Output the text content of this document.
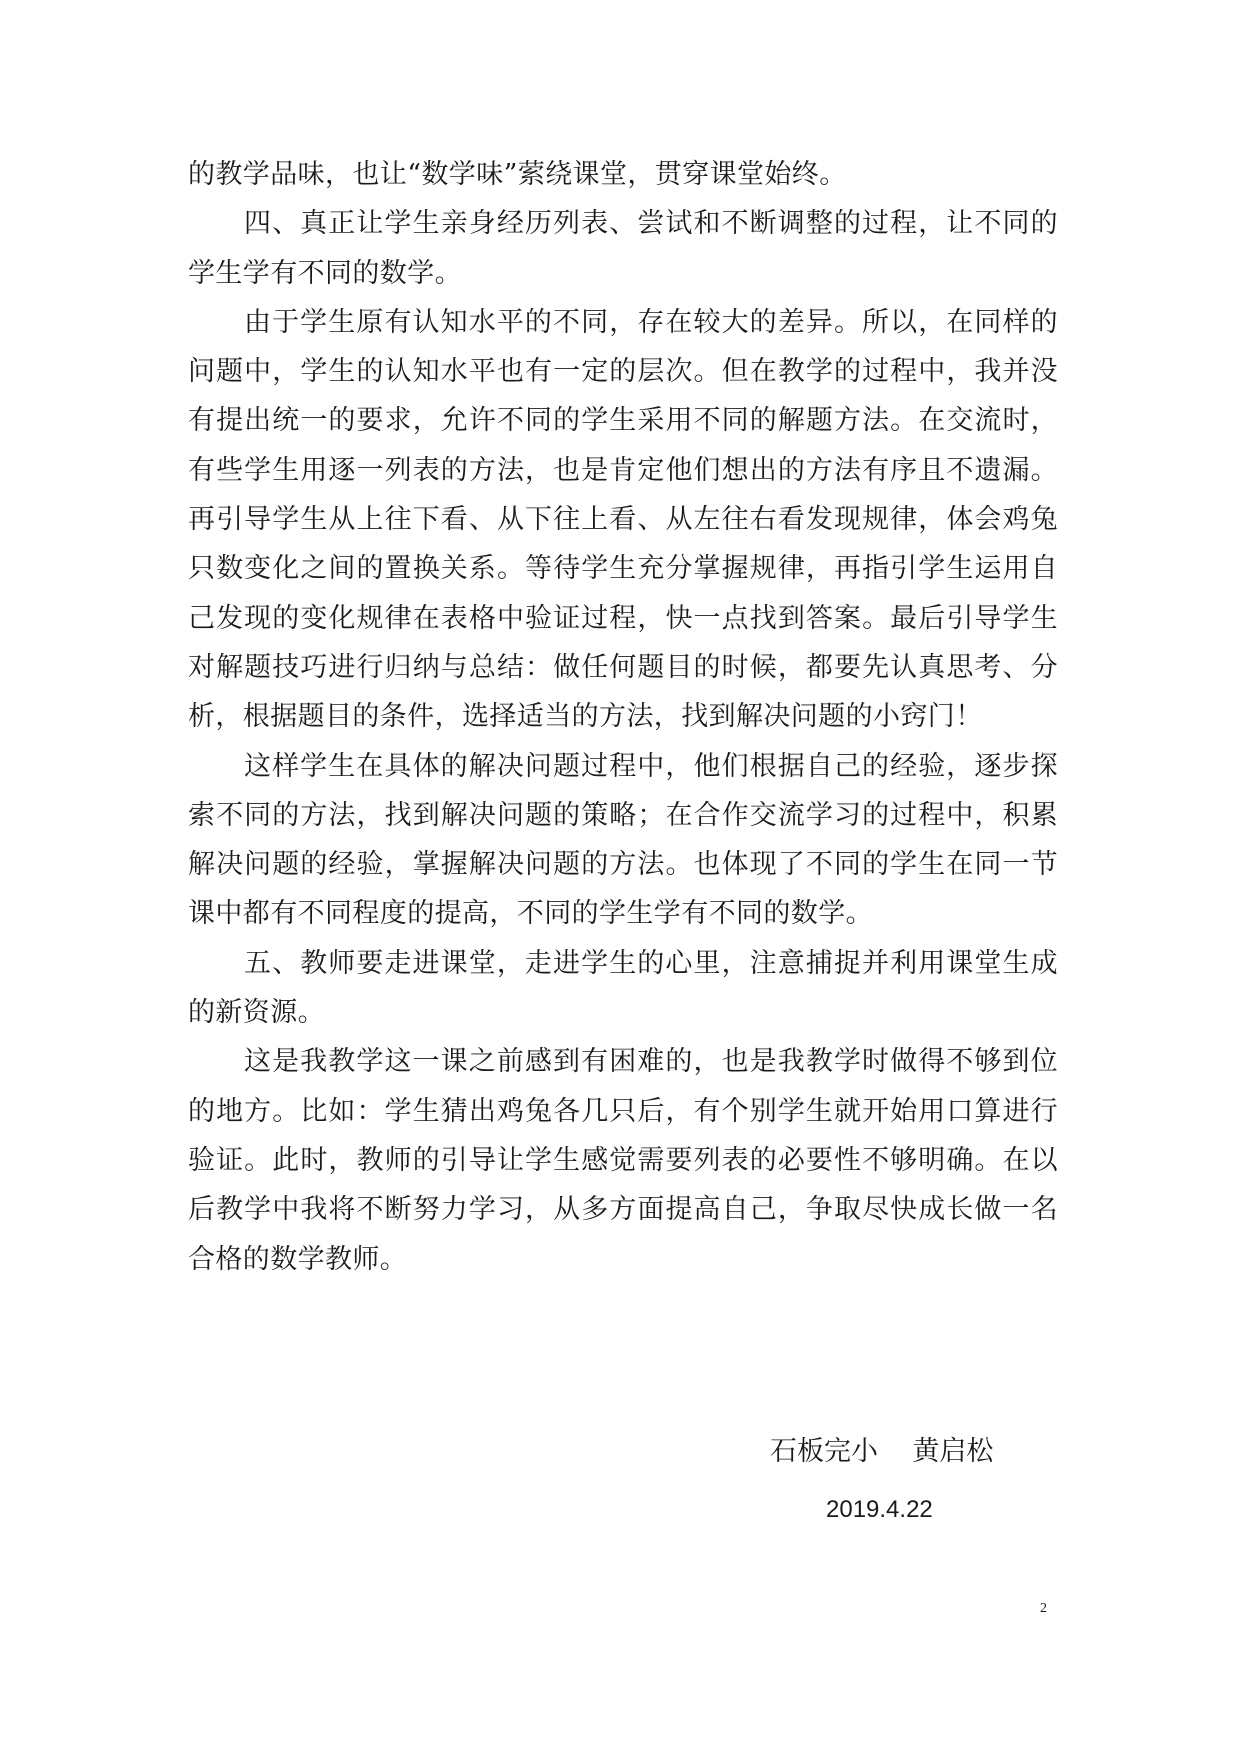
的教学品味，也让“数学味”萦绕课堂，贯穿课堂始终。

四、真正让学生亲身经历列表、尝试和不断调整的过程，让不同的学生学有不同的数学。

由于学生原有认知水平的不同，存在较大的差异。所以，在同样的问题中，学生的认知水平也有一定的层次。但在教学的过程中，我并没有提出统一的要求，允许不同的学生采用不同的解题方法。在交流时，有些学生用逐一列表的方法，也是肯定他们想出的方法有序且不遗漏。再引导学生从上往下看、从下往上看、从左往右看发现规律，体会鸡兔只数变化之间的置换关系。等待学生充分掌握规律，再指引学生运用自己发现的变化规律在表格中验证过程，快一点找到答案。最后引导学生对解题技巧进行归纳与总结：做任何题目的时候，都要先认真思考、分析，根据题目的条件，选择适当的方法，找到解决问题的小窍门！

这样学生在具体的解决问题过程中，他们根据自己的经验，逐步探索不同的方法，找到解决问题的策略；在合作交流学习的过程中，积累解决问题的经验，掌握解决问题的方法。也体现了不同的学生在同一节课中都有不同程度的提高，不同的学生学有不同的数学。

五、教师要走进课堂，走进学生的心里，注意捕捉并利用课堂生成的新资源。

这是我教学这一课之前感到有困难的，也是我教学时做得不够到位的地方。比如：学生猜出鸡兔各几只后，有个别学生就开始用口算进行验证。此时，教师的引导让学生感觉需要列表的必要性不够明确。在以后教学中我将不断努力学习，从多方面提高自己，争取尽快成长做一名合格的数学教师。

石板完小 黄启松
2019.4.22
2
